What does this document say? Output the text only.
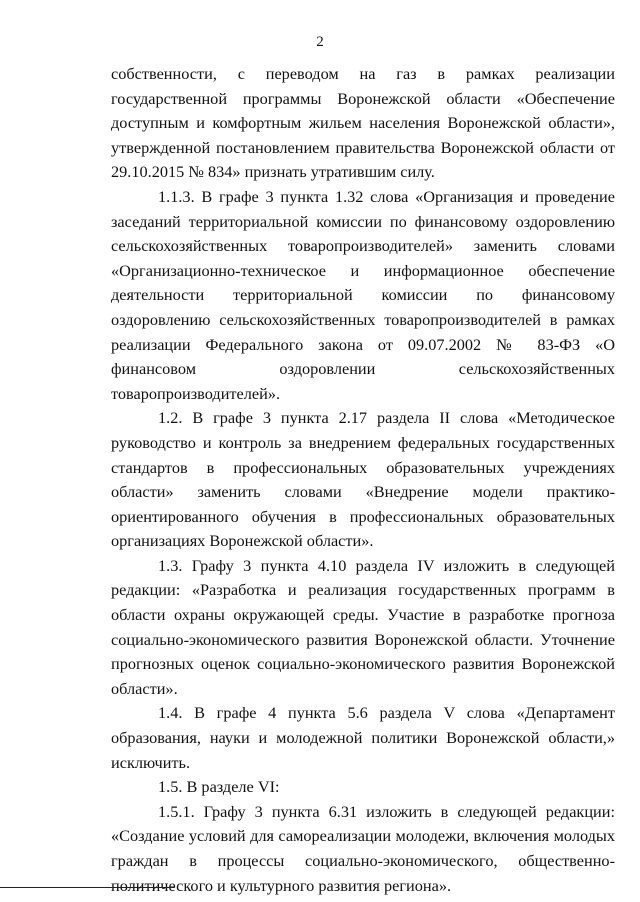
2

собственности, с переводом на газ в рамках реализации государственной программы Воронежской области «Обеспечение доступным и комфортным жильем населения Воронежской области», утвержденной постановлением правительства Воронежской области от 29.10.2015 № 834» признать утратившим силу.

1.1.3. В графе 3 пункта 1.32 слова «Организация и проведение заседаний территориальной комиссии по финансовому оздоровлению сельскохозяйственных товаропроизводителей» заменить словами «Организационно-техническое и информационное обеспечение деятельности территориальной комиссии по финансовому оздоровлению сельскохозяйственных товаропроизводителей в рамках реализации Федерального закона от 09.07.2002 № 83-ФЗ «О финансовом оздоровлении сельскохозяйственных товаропроизводителей».

1.2. В графе 3 пункта 2.17 раздела II слова «Методическое руководство и контроль за внедрением федеральных государственных стандартов в профессиональных образовательных учреждениях области» заменить словами «Внедрение модели практико-ориентированного обучения в профессиональных образовательных организациях Воронежской области».

1.3. Графу 3 пункта 4.10 раздела IV изложить в следующей редакции: «Разработка и реализация государственных программ в области охраны окружающей среды. Участие в разработке прогноза социально-экономического развития Воронежской области. Уточнение прогнозных оценок социально-экономического развития Воронежской области».

1.4. В графе 4 пункта 5.6 раздела V слова «Департамент образования, науки и молодежной политики Воронежской области,» исключить.

1.5. В разделе VI:

1.5.1. Графу 3 пункта 6.31 изложить в следующей редакции: «Создание условий для самореализации молодежи, включения молодых граждан в процессы социально-экономического, общественно-политического и культурного развития региона».
